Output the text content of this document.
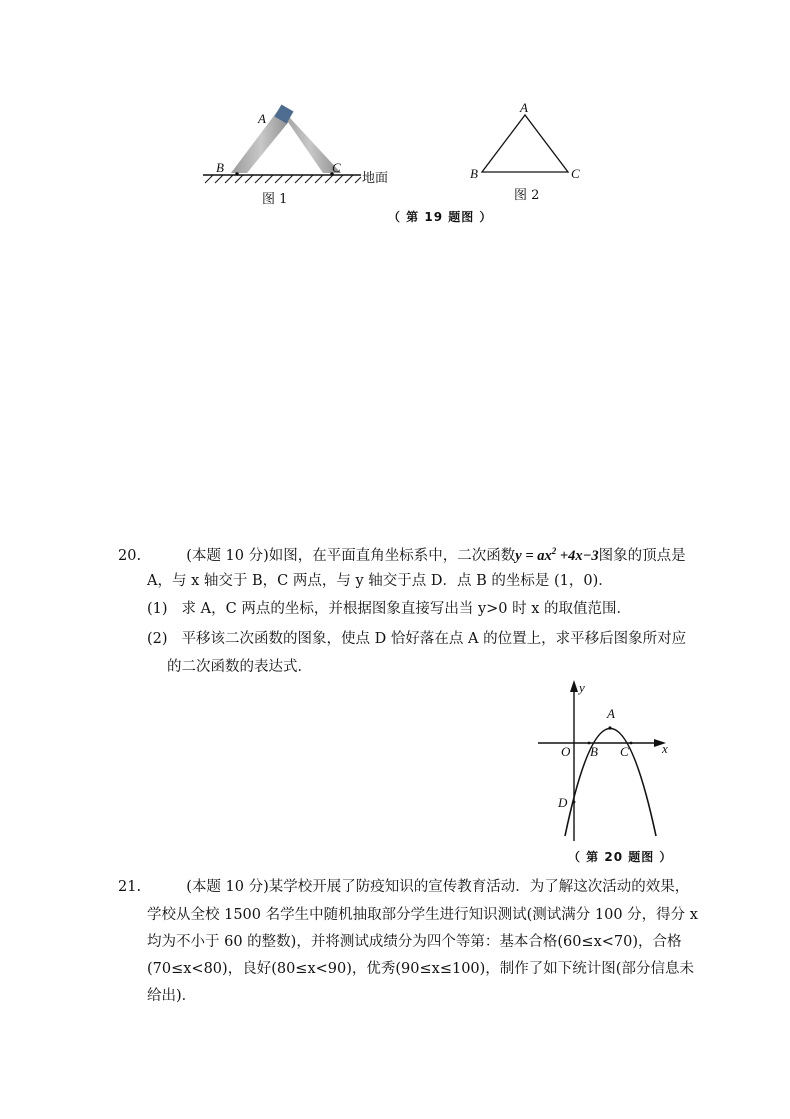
A
B	C
地面
图 1
A
B	C
图 2
（ 第 19 题图 ）
20.	(本题 10 分)如图，在平面直角坐标系中，二次函数$y = ax^2 +4x-3$图象的顶点是
A，与 x 轴交于 B，C 两点，与 y 轴交于点 D．点 B 的坐标是 (1，0)．
(1) 求 A，C 两点的坐标，并根据图象直接写出当 y>0 时 x 的取值范围．
(2) 平移该二次函数的图象，使点 D 恰好落在点 A 的位置上，求平移后图象所对应
的二次函数的表达式．
y
x
O
A
B C
D
（ 第 20 题图 ）
21.	(本题 10 分)某学校开展了防疫知识的宣传教育活动．为了解这次活动的效果，
学校从全校 1500 名学生中随机抽取部分学生进行知识测试(测试满分 100 分，得分 x
均为不小于 60 的整数)，并将测试成绩分为四个等第：基本合格(60≤x<70)，合格
(70≤x<80)，良好(80≤x<90)，优秀(90≤x≤100)，制作了如下统计图(部分信息未
给出)．
